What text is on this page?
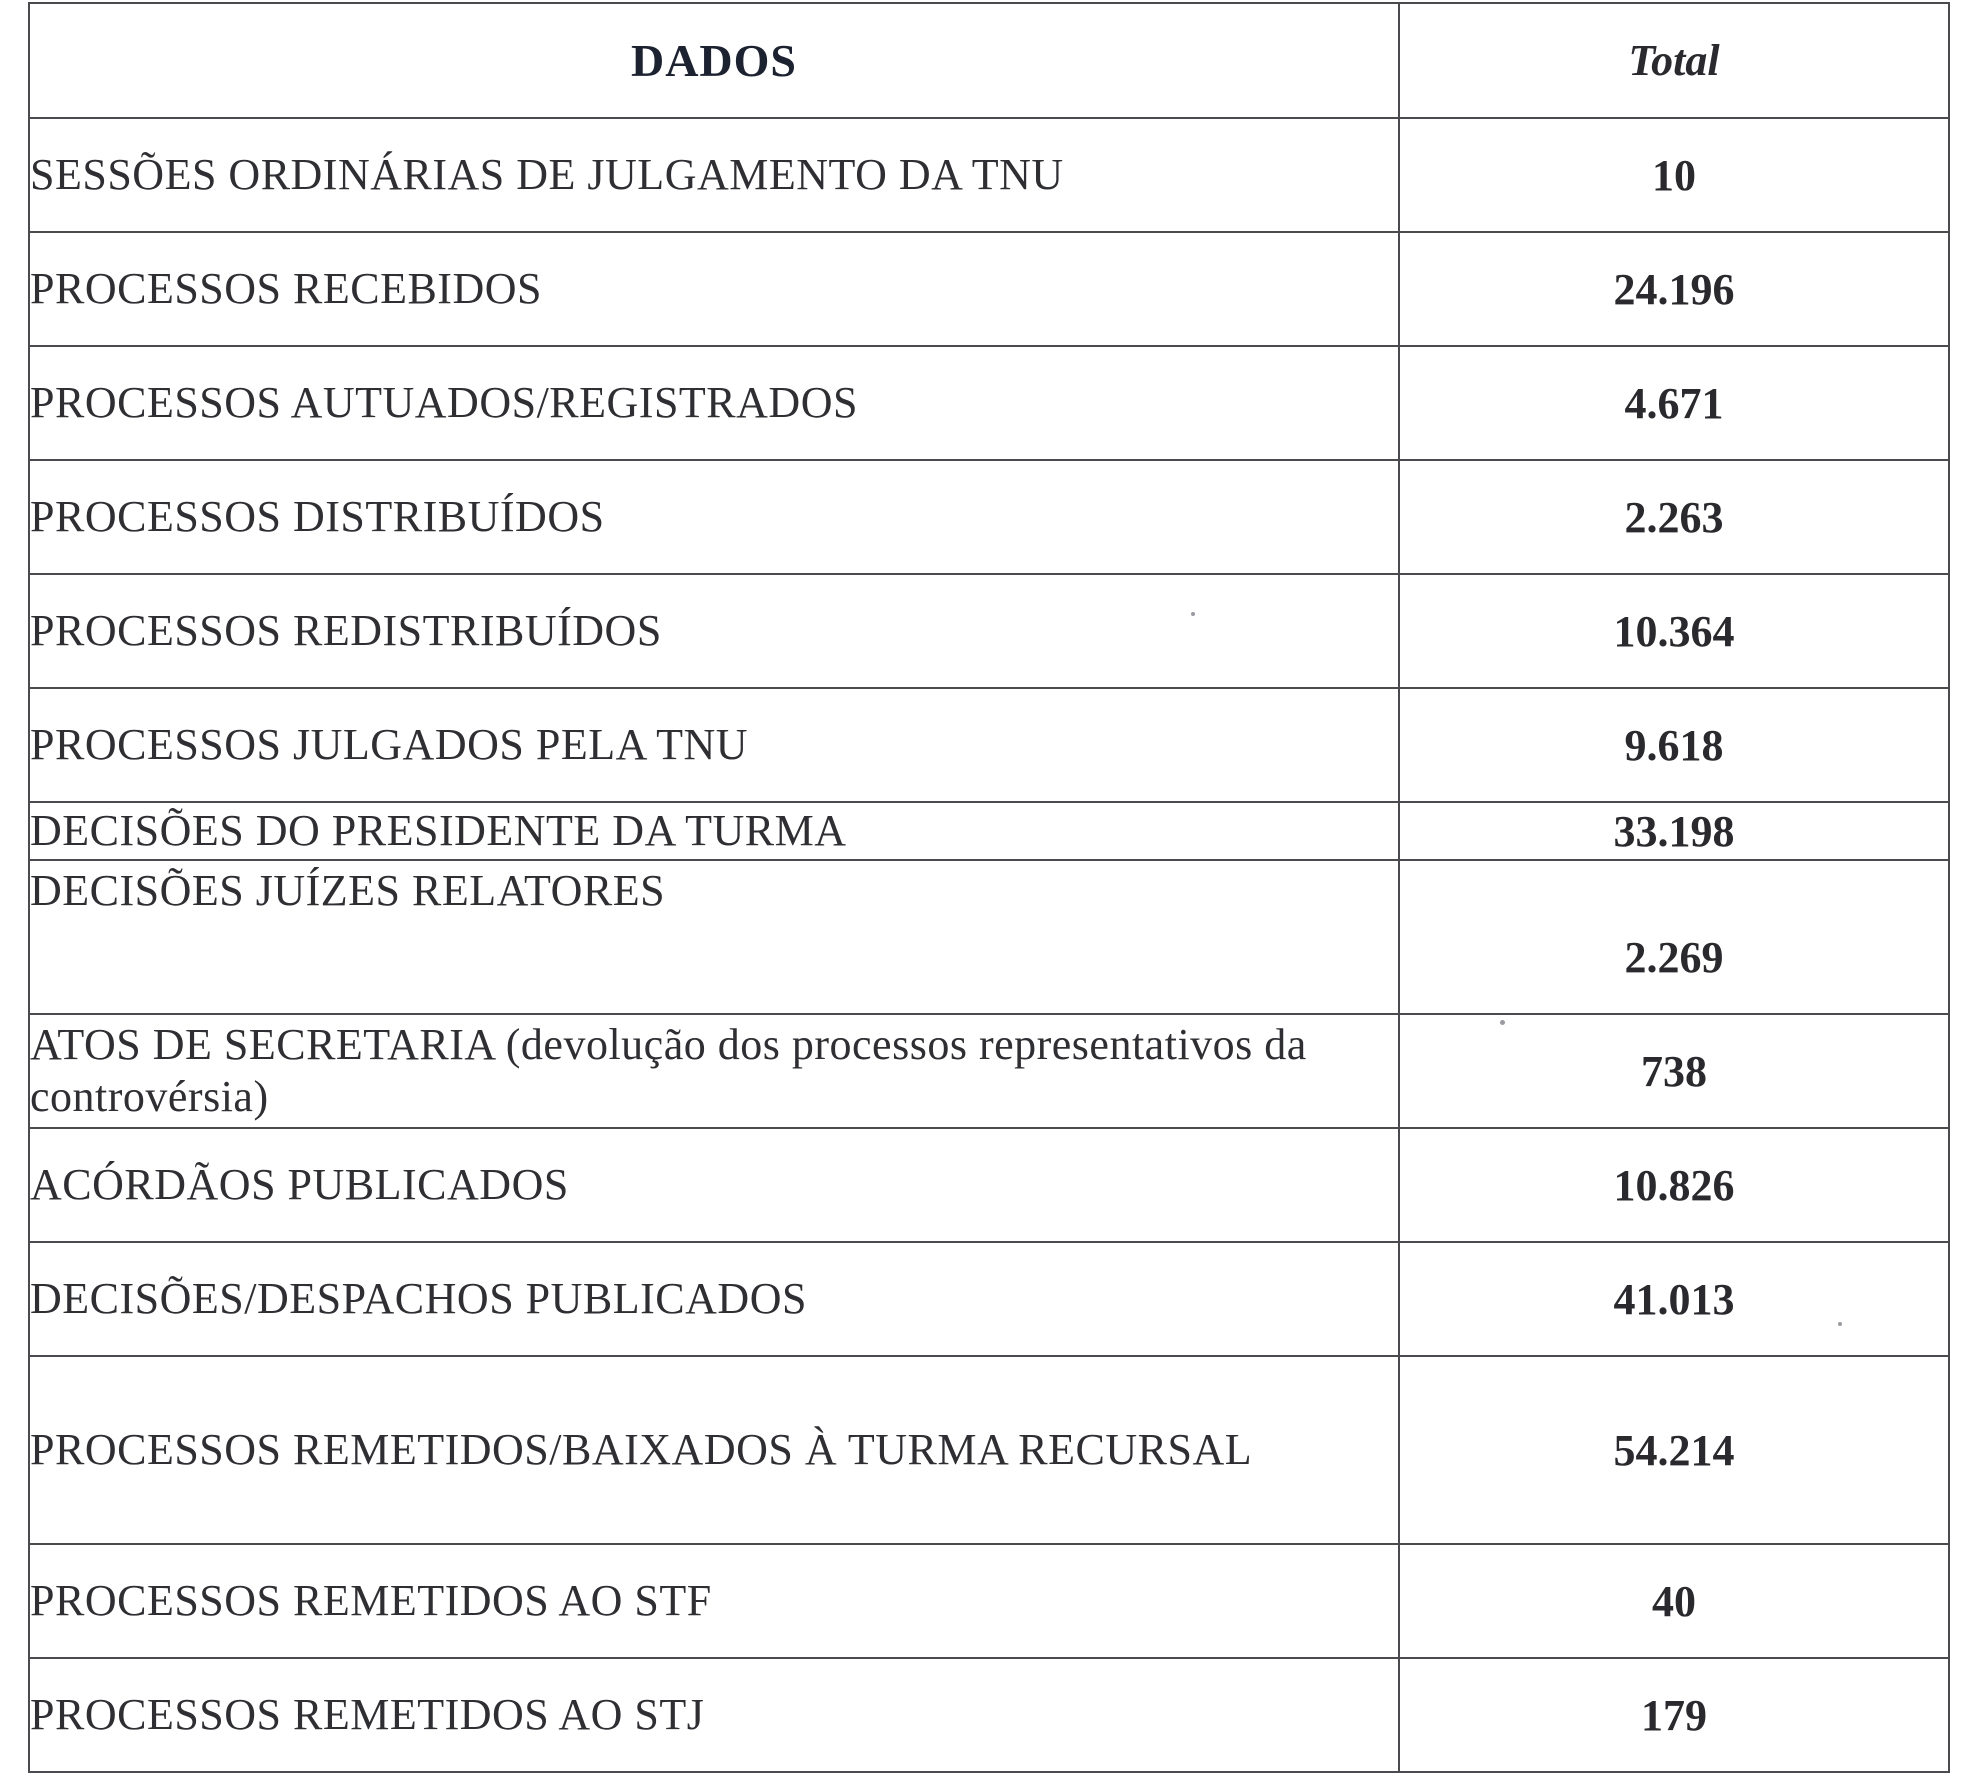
DADOS	Total
SESSÕES ORDINÁRIAS DE JULGAMENTO DA TNU	10
PROCESSOS RECEBIDOS	24.196
PROCESSOS AUTUADOS/REGISTRADOS	4.671
PROCESSOS DISTRIBUÍDOS	2.263
PROCESSOS REDISTRIBUÍDOS	10.364
PROCESSOS JULGADOS PELA TNU	9.618
DECISÕES DO PRESIDENTE DA TURMA	33.198
DECISÕES JUÍZES RELATORES	2.269
ATOS DE SECRETARIA (devolução dos processos representativos da controvérsia)	738
ACÓRDÃOS PUBLICADOS	10.826
DECISÕES/DESPACHOS PUBLICADOS	41.013
PROCESSOS REMETIDOS/BAIXADOS À TURMA RECURSAL	54.214
PROCESSOS REMETIDOS AO STF	40
PROCESSOS REMETIDOS AO STJ	179
